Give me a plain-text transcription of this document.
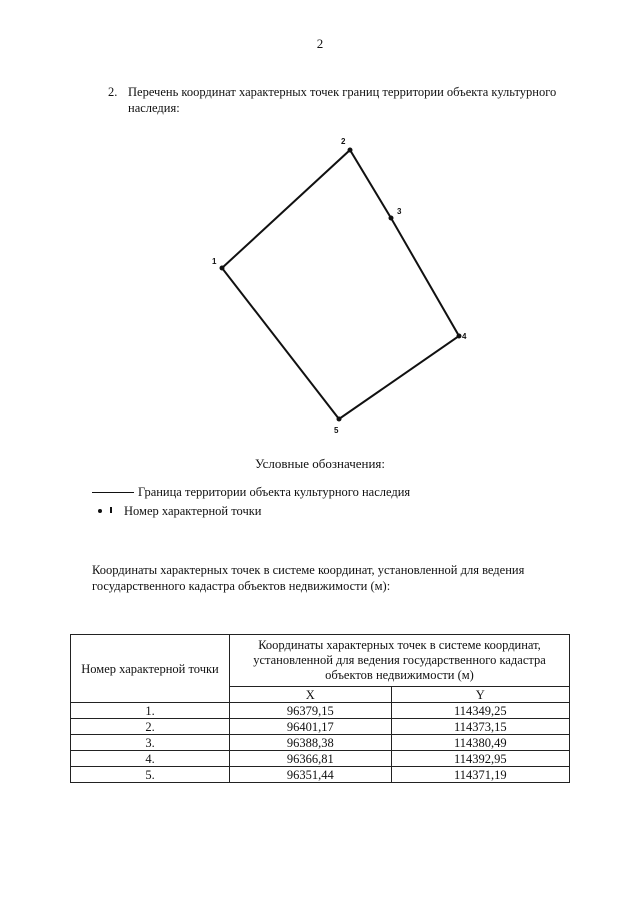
2
2. Перечень координат характерных точек границ территории объекта культурного
наследия:
1
2
3
4
5
Условные обозначения:
Граница территории объекта культурного наследия
Номер характерной точки
Координаты характерных точек в системе координат, установленной для ведения государственного кадастра объектов недвижимости (м):
Номер характерной точки	Координаты характерных точек в системе координат,
установленной для ведения государственного кадастра
объектов недвижимости (м)	
	X	Y
1.	96379,15	114349,25
2.	96401,17	114373,15
3.	96388,38	114380,49
4.	96366,81	114392,95
5.	96351,44	114371,19
